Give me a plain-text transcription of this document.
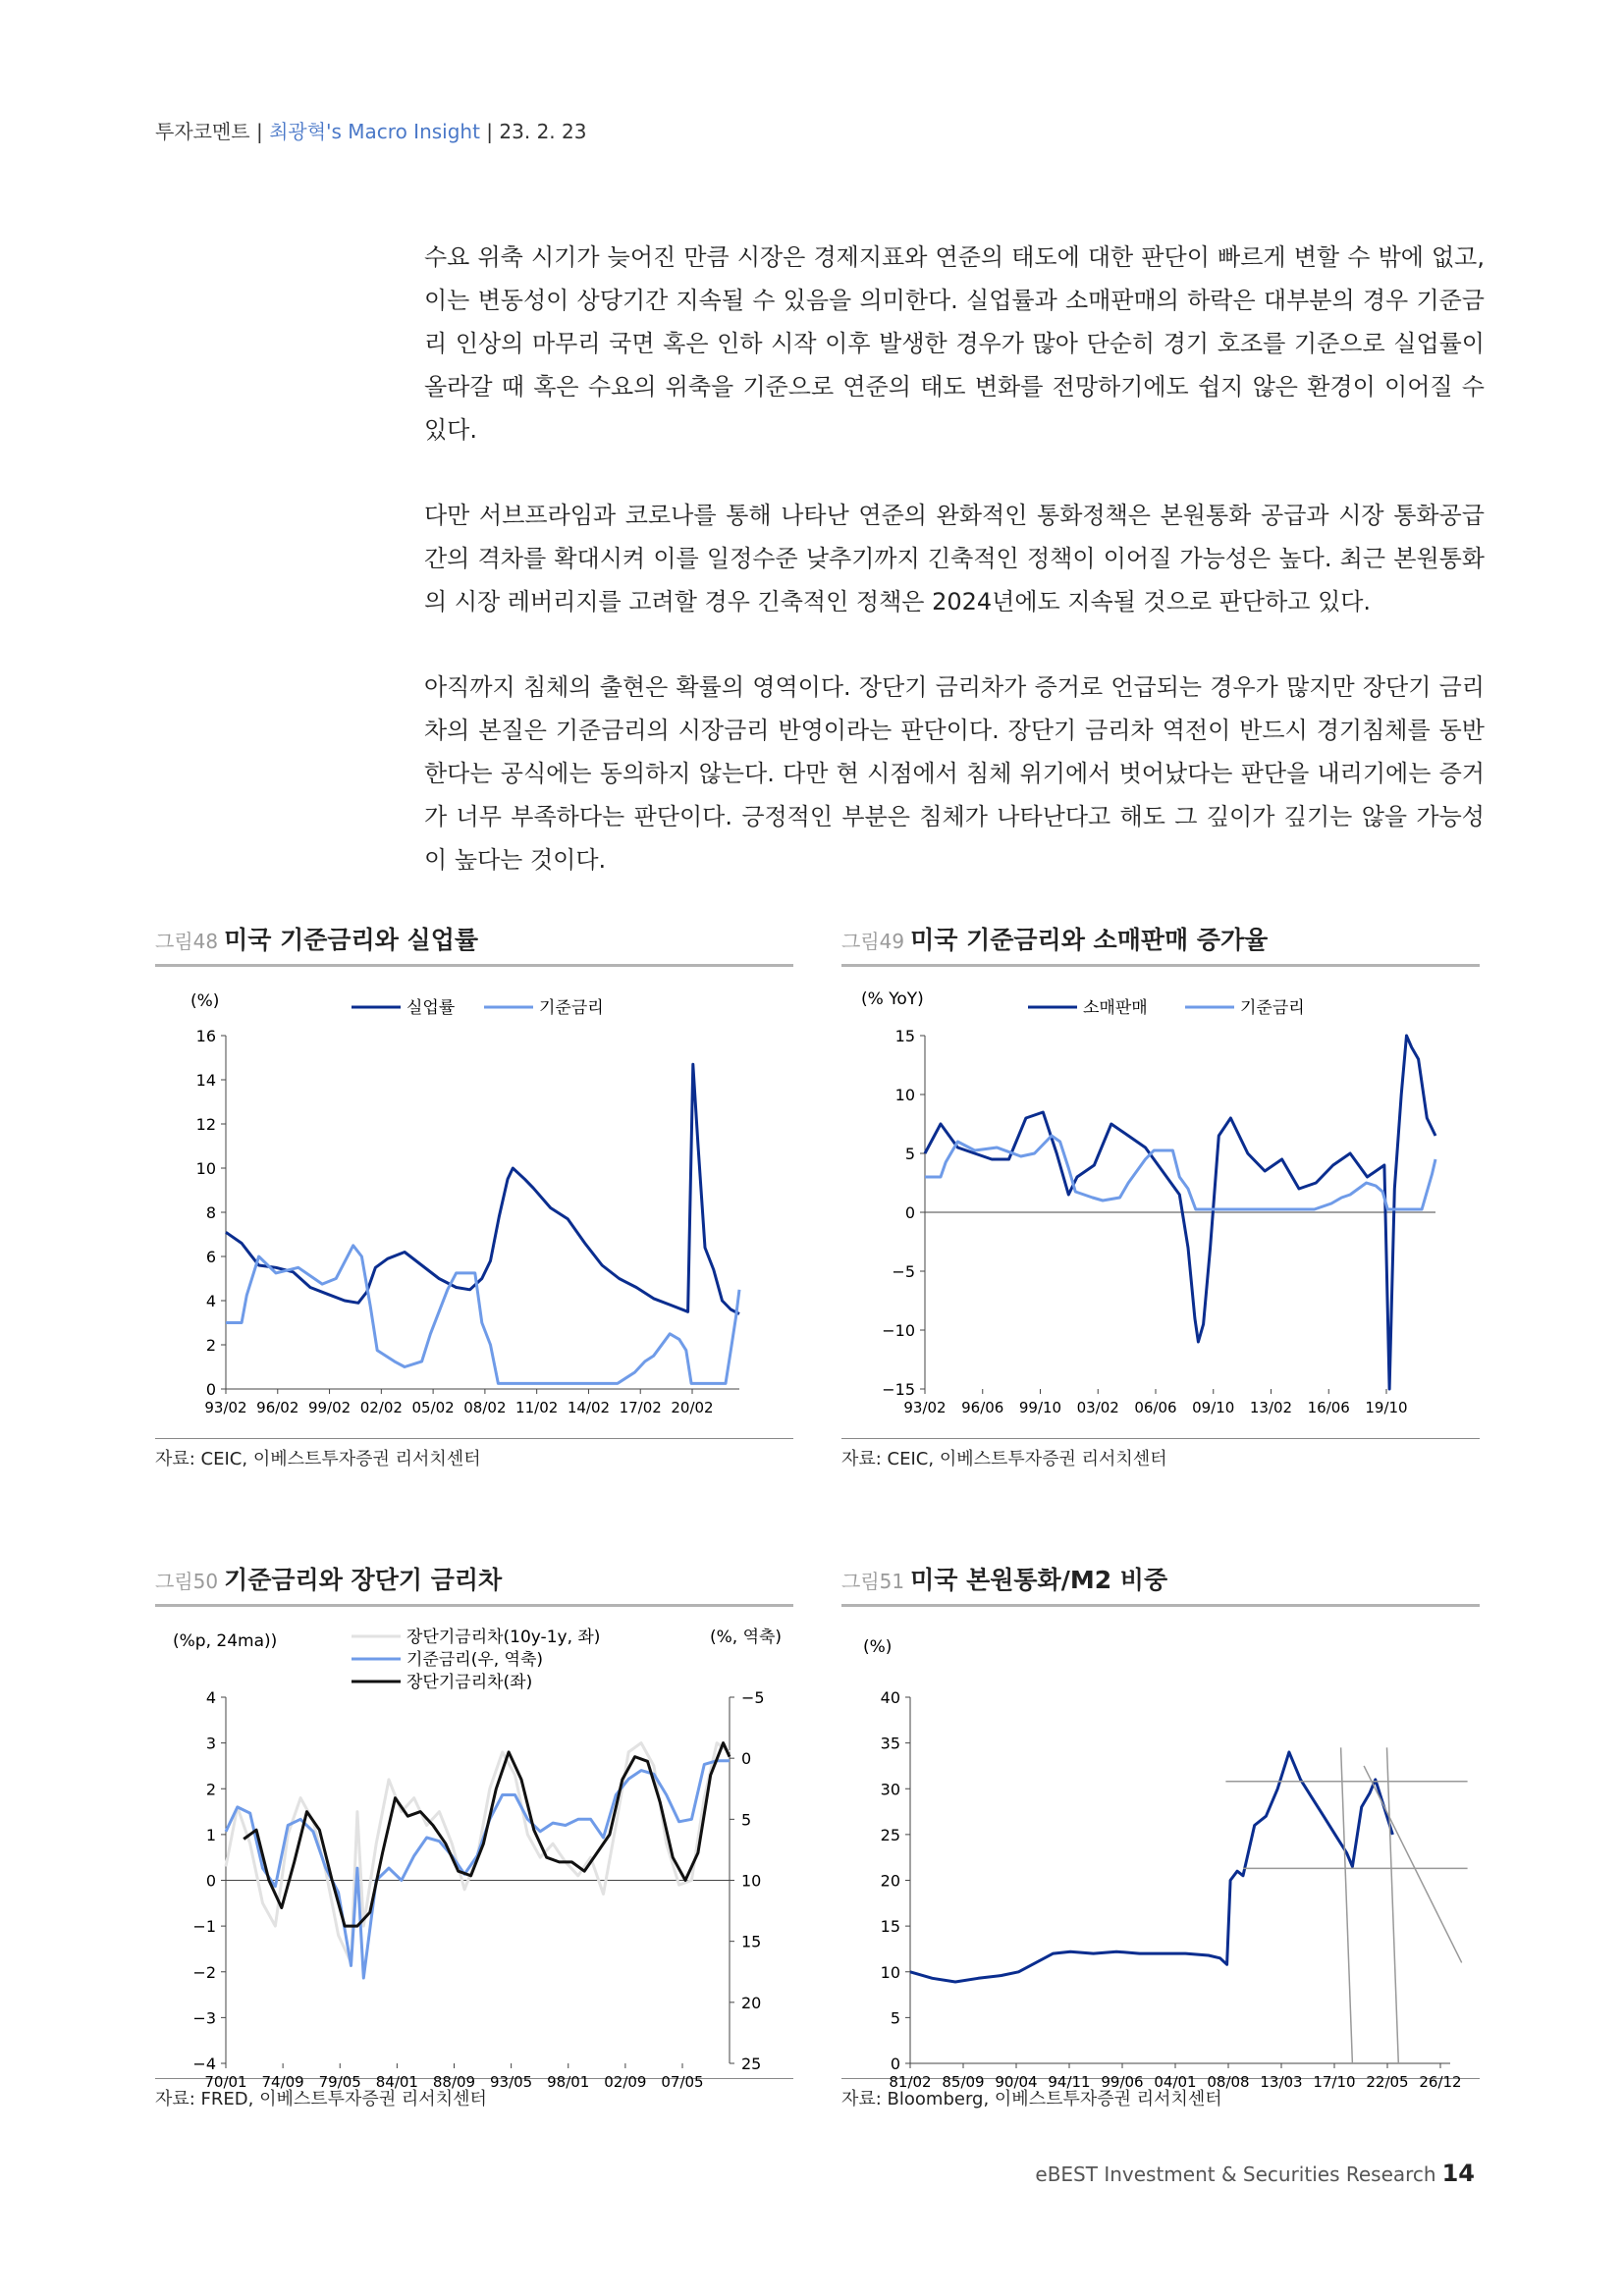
투자코멘트 | 최광혁's Macro Insight | 23. 2. 23

수요 위축 시기가 늦어진 만큼 시장은 경제지표와 연준의 태도에 대한 판단이 빠르게 변할 수 밖에 없고, 이는 변동성이 상당기간 지속될 수 있음을 의미한다. 실업률과 소매판매의 하락은 대부분의 경우 기준금리 인상의 마무리 국면 혹은 인하 시작 이후 발생한 경우가 많아 단순히 경기 호조를 기준으로 실업률이 올라갈 때 혹은 수요의 위축을 기준으로 연준의 태도 변화를 전망하기에도 쉽지 않은 환경이 이어질 수 있다.

다만 서브프라임과 코로나를 통해 나타난 연준의 완화적인 통화정책은 본원통화 공급과 시장 통화공급 간의 격차를 확대시켜 이를 일정수준 낮추기까지 긴축적인 정책이 이어질 가능성은 높다. 최근 본원통화의 시장 레버리지를 고려할 경우 긴축적인 정책은 2024년에도 지속될 것으로 판단하고 있다.

아직까지 침체의 출현은 확률의 영역이다. 장단기 금리차가 증거로 언급되는 경우가 많지만 장단기 금리차의 본질은 기준금리의 시장금리 반영이라는 판단이다. 장단기 금리차 역전이 반드시 경기침체를 동반한다는 공식에는 동의하지 않는다. 다만 현 시점에서 침체 위기에서 벗어났다는 판단을 내리기에는 증거가 너무 부족하다는 판단이다. 긍정적인 부분은 침체가 나타난다고 해도 그 깊이가 깊기는 않을 가능성이 높다는 것이다.

그림48 미국 기준금리와 실업률
(%)	실업률	기준금리
0
2
4
6
8
10
12
14
16
93/02 96/02 99/02 02/02 05/02 08/02 11/02 14/02 17/02 20/02
자료: CEIC, 이베스트투자증권 리서치센터
그림49 미국 기준금리와 소매판매 증가율
(% YoY)	소매판매	기준금리
−15
−10
−5
0
5
10
15
93/02 96/06 99/10 03/02 06/06 09/10 13/02 16/06 19/10
자료: CEIC, 이베스트투자증권 리서치센터
그림50 기준금리와 장단기 금리차
(%p, 24ma))	(%, 역축)
장단기금리차(10y-1y, 좌)
기준금리(우, 역축)
장단기금리차(좌)
−4
−3
−2
−1
0
1
2
3
4	−5
0
5
10
15
20
25
70/01 74/09 79/05 84/01 88/09 93/05 98/01 02/09 07/05
자료: FRED, 이베스트투자증권 리서치센터
그림51 미국 본원통화/M2 비중
(%)
0
5
10
15
20
25
30
35
40
81/02 85/09 90/04 94/11 99/06 04/01 08/08 13/03 17/10 22/05 26/12
자료: Bloomberg, 이베스트투자증권 리서치센터
eBEST Investment & Securities Research 14
